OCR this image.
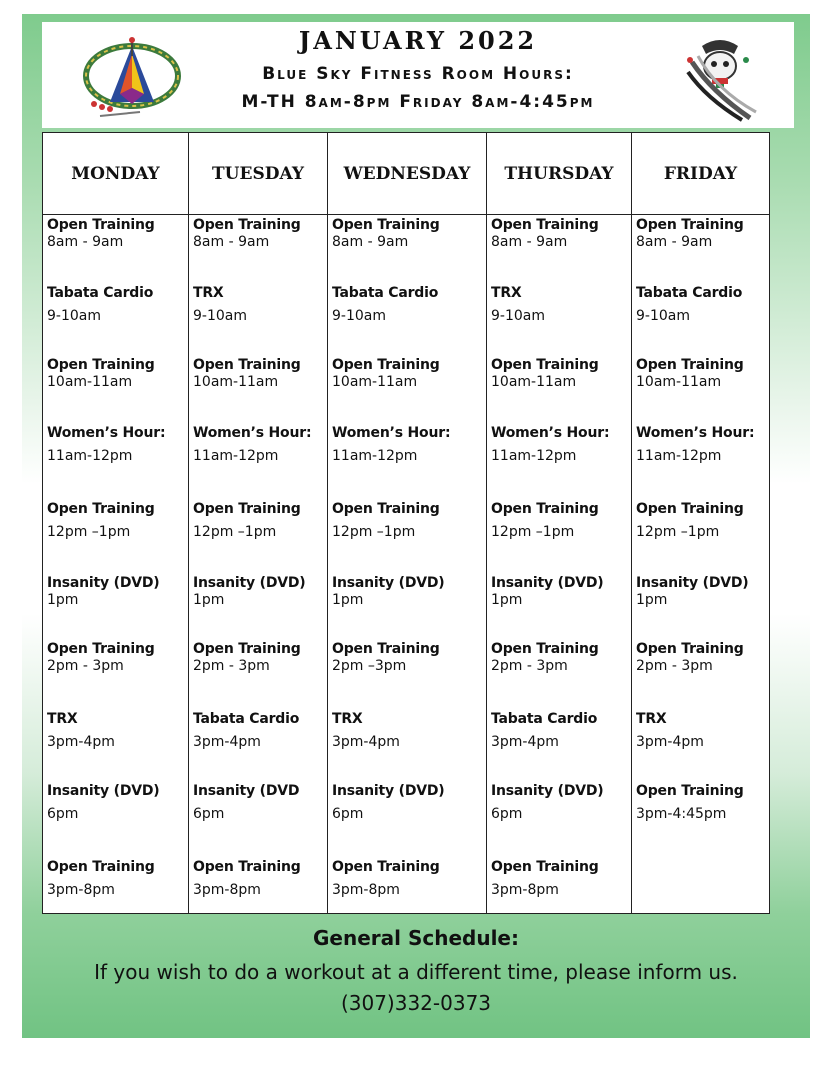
JANUARY 2022
Blue Sky Fitness Room Hours:
M-TH 8am-8pm Friday 8am-4:45pm
MONDAY
Open Training
8am - 9am
Tabata Cardio
9-10am
Open Training
10am-11am
Women’s Hour:
11am-12pm
Open Training
12pm –1pm
Insanity (DVD)
1pm
Open Training
2pm - 3pm
TRX
3pm-4pm
Insanity (DVD)
6pm
Open Training
3pm-8pm
TUESDAY
Open Training
8am - 9am
TRX
9-10am
Open Training
10am-11am
Women’s Hour:
11am-12pm
Open Training
12pm –1pm
Insanity (DVD)
1pm
Open Training
2pm - 3pm
Tabata Cardio
3pm-4pm
Insanity (DVD
6pm
Open Training
3pm-8pm
WEDNESDAY
Open Training
8am - 9am
Tabata Cardio
9-10am
Open Training
10am-11am
Women’s Hour:
11am-12pm
Open Training
12pm –1pm
Insanity (DVD)
1pm
Open Training
2pm –3pm
TRX
3pm-4pm
Insanity (DVD)
6pm
Open Training
3pm-8pm
THURSDAY
Open Training
8am - 9am
TRX
9-10am
Open Training
10am-11am
Women’s Hour:
11am-12pm
Open Training
12pm –1pm
Insanity (DVD)
1pm
Open Training
2pm - 3pm
Tabata Cardio
3pm-4pm
Insanity (DVD)
6pm
Open Training
3pm-8pm
FRIDAY
Open Training
8am - 9am
Tabata Cardio
9-10am
Open Training
10am-11am
Women’s Hour:
11am-12pm
Open Training
12pm –1pm
Insanity (DVD)
1pm
Open Training
2pm - 3pm
TRX
3pm-4pm
Open Training
3pm-4:45pm
General Schedule:
If you wish to do a workout at a different time, please inform us.
(307)332-0373
